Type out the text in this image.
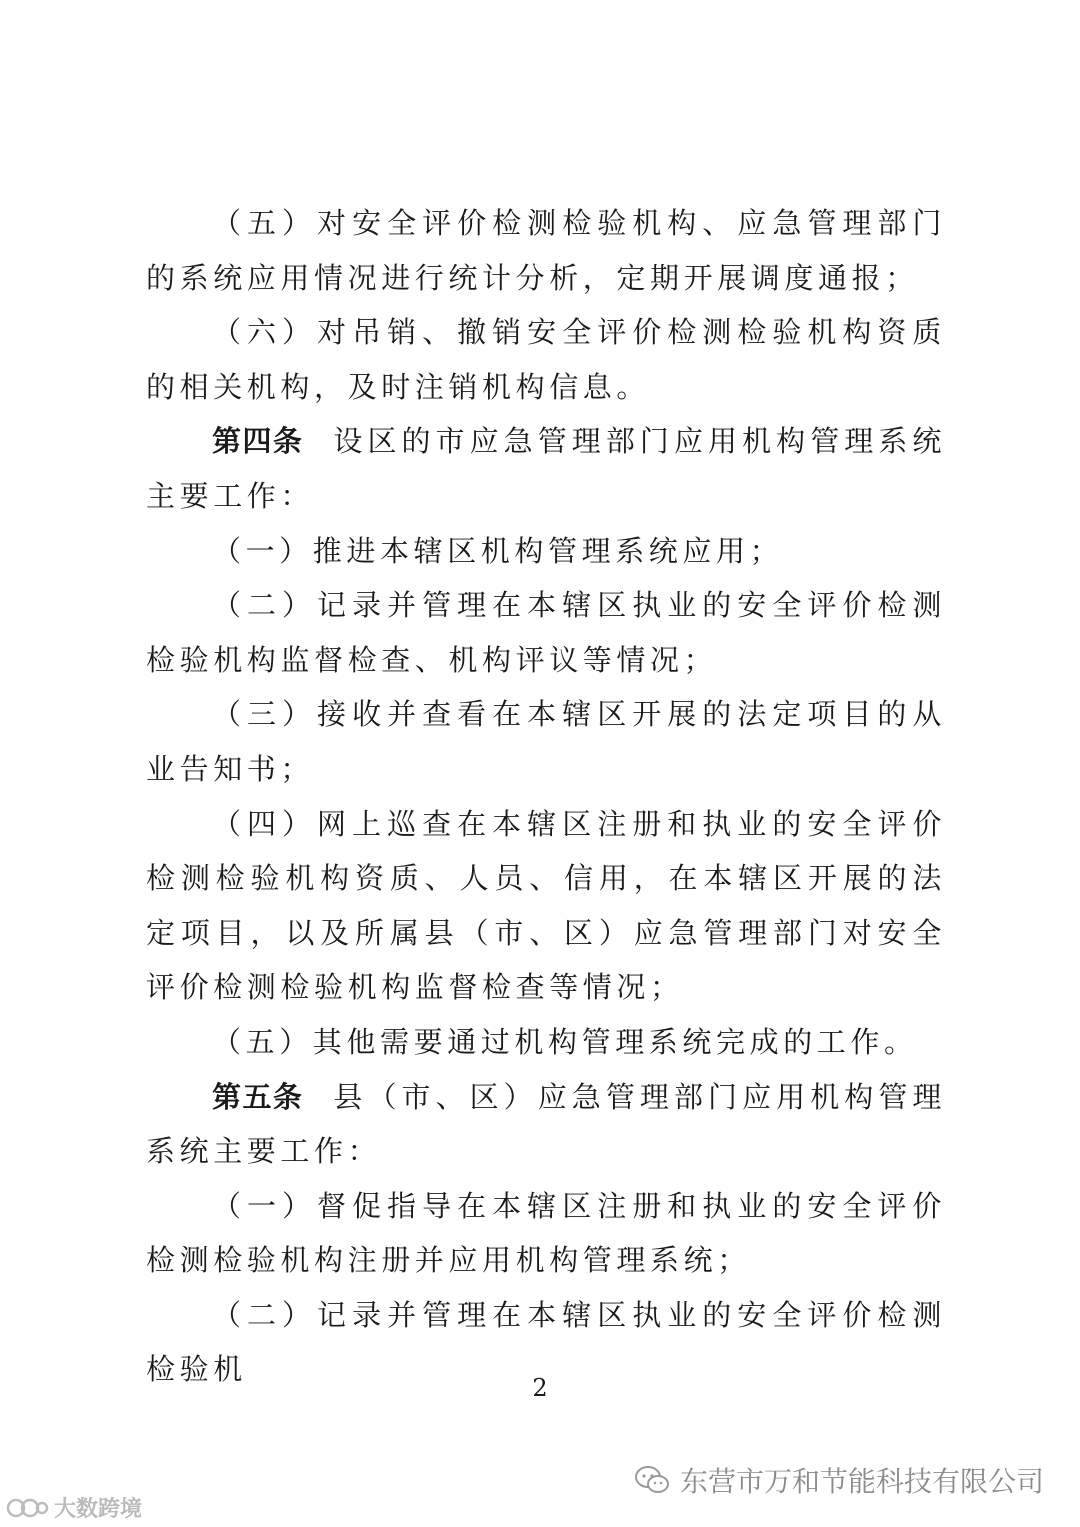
（五）对安全评价检测检验机构、应急管理部门的系统应用情况进行统计分析，定期开展调度通报；

（六）对吊销、撤销安全评价检测检验机构资质的相关机构，及时注销机构信息。

第四条 设区的市应急管理部门应用机构管理系统主要工作：

（一）推进本辖区机构管理系统应用；

（二）记录并管理在本辖区执业的安全评价检测检验机构监督检查、机构评议等情况；

（三）接收并查看在本辖区开展的法定项目的从业告知书；

（四）网上巡查在本辖区注册和执业的安全评价检测检验机构资质、人员、信用，在本辖区开展的法定项目，以及所属县（市、区）应急管理部门对安全评价检测检验机构监督检查等情况；

（五）其他需要通过机构管理系统完成的工作。

第五条 县（市、区）应急管理部门应用机构管理系统主要工作：

（一）督促指导在本辖区注册和执业的安全评价检测检验机构注册并应用机构管理系统；

（二）记录并管理在本辖区执业的安全评价检测检验机

2
东营市万和节能科技有限公司
大数跨境
